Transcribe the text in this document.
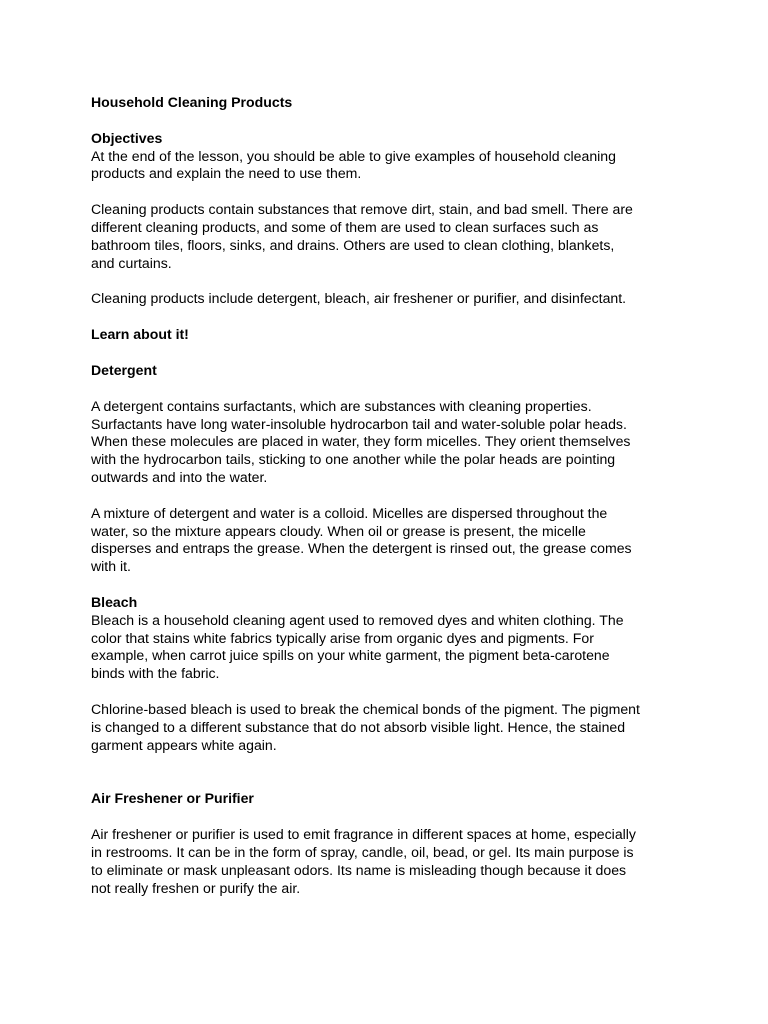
Household Cleaning Products
Objectives

At the end of the lesson, you should be able to give examples of household cleaning
products and explain the need to use them.

Cleaning products contain substances that remove dirt, stain, and bad smell. There are
different cleaning products, and some of them are used to clean surfaces such as
bathroom tiles, floors, sinks, and drains. Others are used to clean clothing, blankets,
and curtains.

Cleaning products include detergent, bleach, air freshener or purifier, and disinfectant.

Learn about it!
Detergent

A detergent contains surfactants, which are substances with cleaning properties.
Surfactants have long water-insoluble hydrocarbon tail and water-soluble polar heads.
When these molecules are placed in water, they form micelles. They orient themselves
with the hydrocarbon tails, sticking to one another while the polar heads are pointing
outwards and into the water.

A mixture of detergent and water is a colloid. Micelles are dispersed throughout the
water, so the mixture appears cloudy. When oil or grease is present, the micelle
disperses and entraps the grease. When the detergent is rinsed out, the grease comes
with it.

Bleach

Bleach is a household cleaning agent used to removed dyes and whiten clothing. The
color that stains white fabrics typically arise from organic dyes and pigments. For
example, when carrot juice spills on your white garment, the pigment beta-carotene
binds with the fabric.

Chlorine-based bleach is used to break the chemical bonds of the pigment. The pigment
is changed to a different substance that do not absorb visible light. Hence, the stained
garment appears white again.

Air Freshener or Purifier

Air freshener or purifier is used to emit fragrance in different spaces at home, especially
in restrooms. It can be in the form of spray, candle, oil, bead, or gel. Its main purpose is
to eliminate or mask unpleasant odors. Its name is misleading though because it does
not really freshen or purify the air.
